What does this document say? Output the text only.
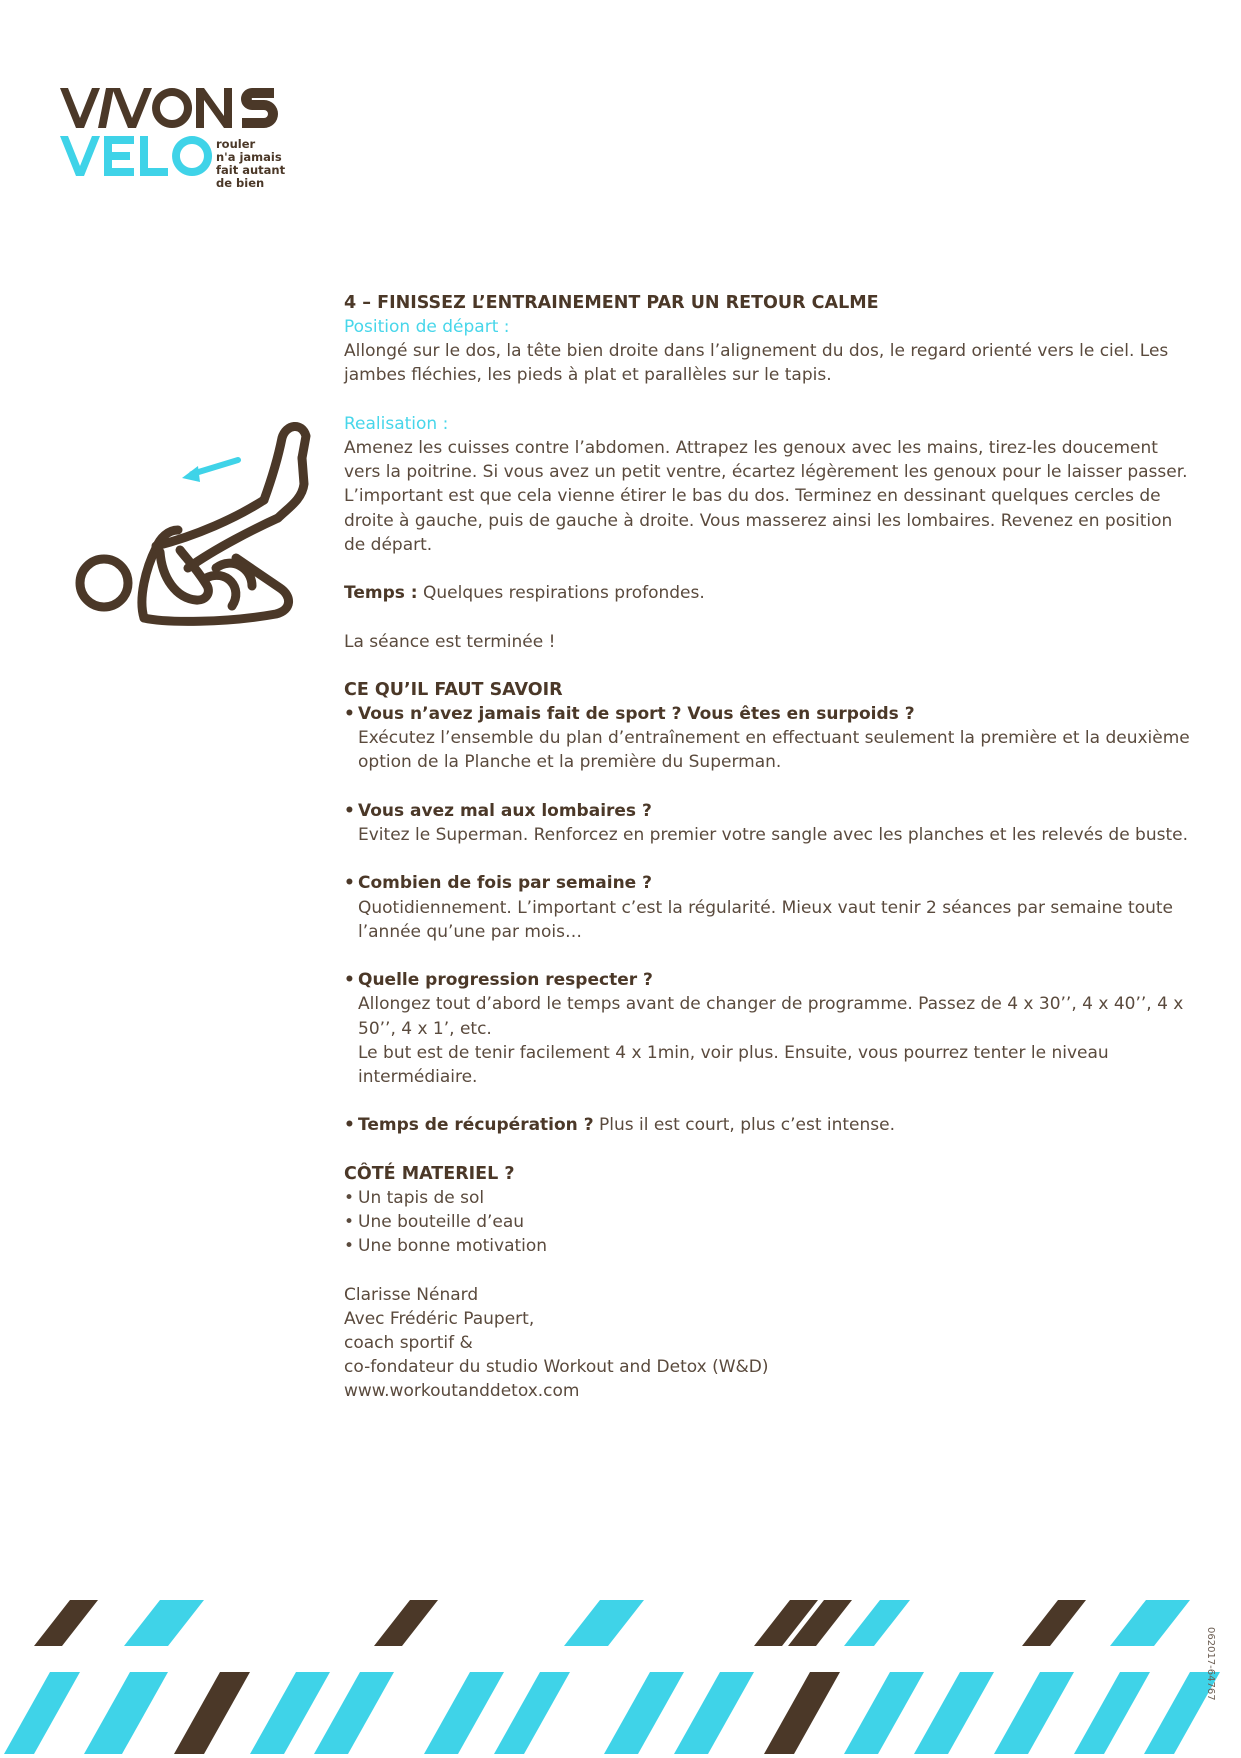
rouler
n'a jamais
fait autant
de bien

4 – FINISSEZ L’ENTRAINEMENT PAR UN RETOUR CALME

Position de départ :

Allongé sur le dos, la tête bien droite dans l’alignement du dos, le regard orienté vers le ciel. Les jambes fléchies, les pieds à plat et parallèles sur le tapis.

Realisation :

Amenez les cuisses contre l’abdomen. Attrapez les genoux avec les mains, tirez-les doucement vers la poitrine. Si vous avez un petit ventre, écartez légèrement les genoux pour le laisser passer. L’important est que cela vienne étirer le bas du dos. Terminez en dessinant quelques cercles de droite à gauche, puis de gauche à droite. Vous masserez ainsi les lombaires. Revenez en position de départ.

Temps : Quelques respirations profondes.

La séance est terminée !

CE QU’IL FAUT SAVOIR

• Vous n’avez jamais fait de sport ? Vous êtes en surpoids ?

Exécutez l’ensemble du plan d’entraînement en effectuant seulement la première et la deuxième option de la Planche et la première du Superman.

• Vous avez mal aux lombaires ?

Evitez le Superman. Renforcez en premier votre sangle avec les planches et les relevés de buste.

• Combien de fois par semaine ?

Quotidiennement. L’important c’est la régularité. Mieux vaut tenir 2 séances par semaine toute l’année qu’une par mois…

• Quelle progression respecter ?

Allongez tout d’abord le temps avant de changer de programme. Passez de 4 x 30’’, 4 x 40’’, 4 x 50’’, 4 x 1’, etc.

Le but est de tenir facilement 4 x 1min, voir plus. Ensuite, vous pourrez tenter le niveau intermédiaire.

• Temps de récupération ? Plus il est court, plus c’est intense.

CÔTÉ MATERIEL ?

• Un tapis de sol
• Une bouteille d’eau
• Une bonne motivation

Clarisse Nénard

Avec Frédéric Paupert,

coach sportif &

co-fondateur du studio Workout and Detox (W&D)

www.workoutanddetox.com

062017-64767
